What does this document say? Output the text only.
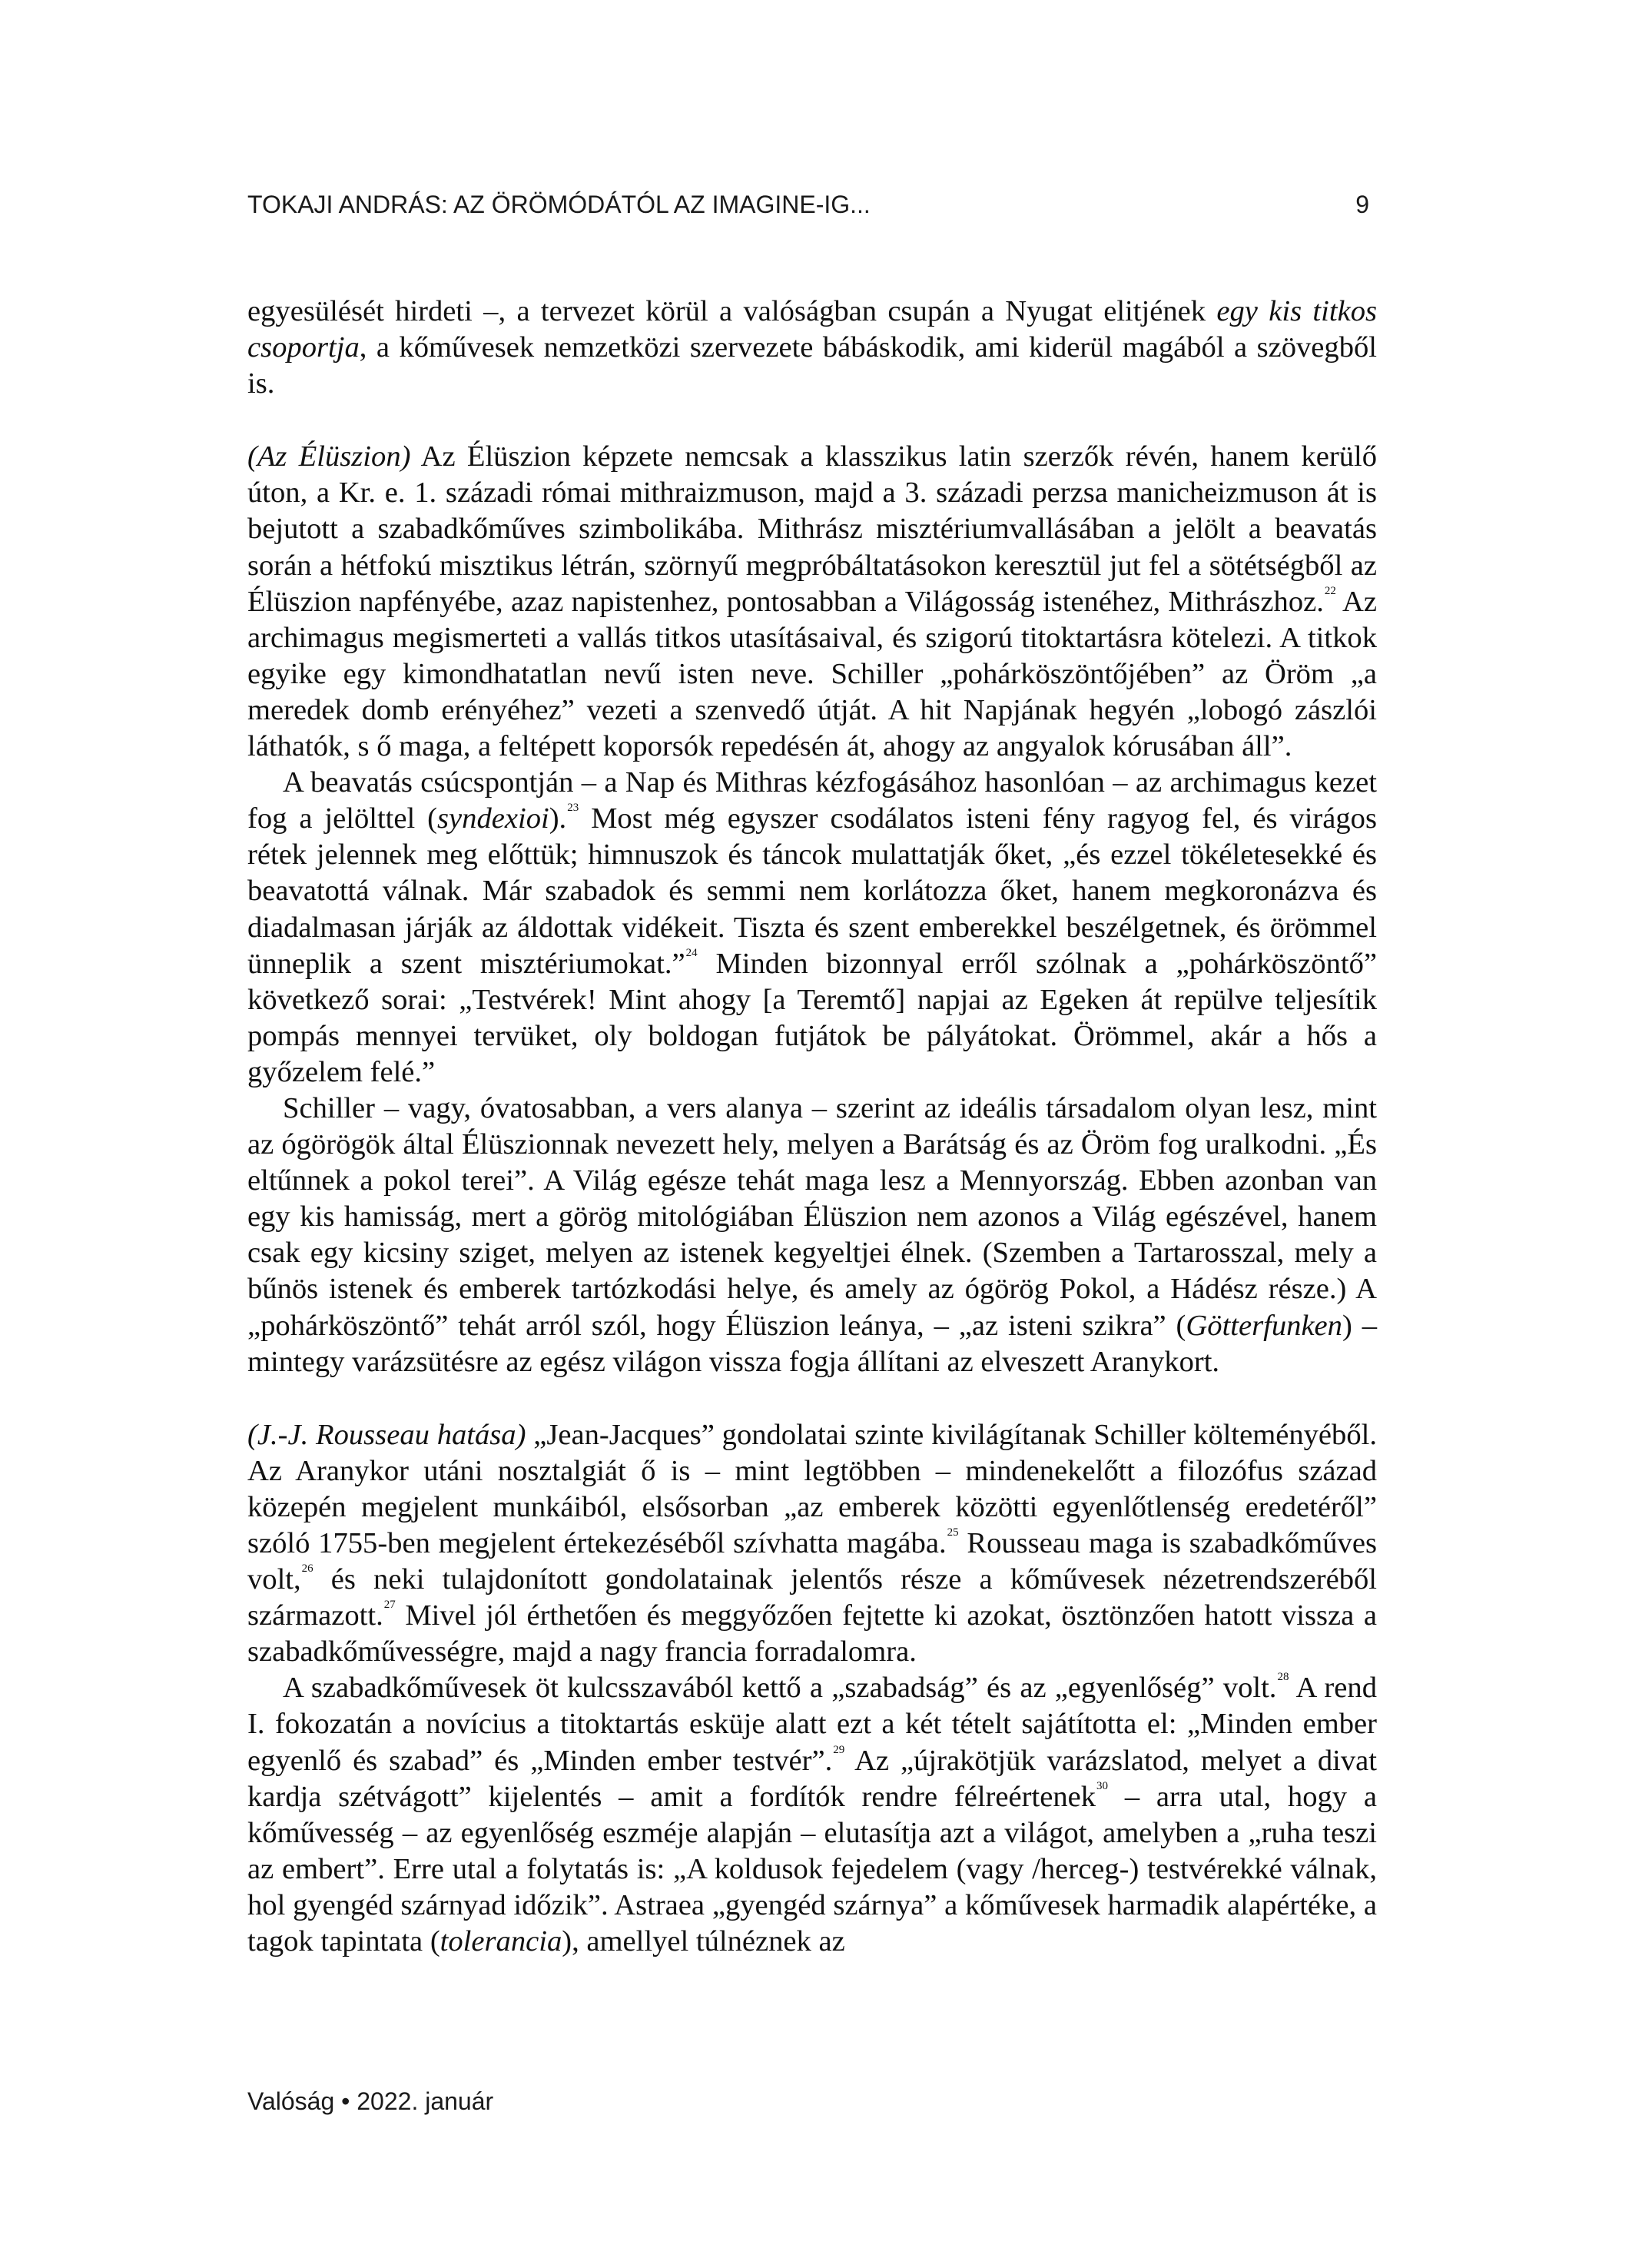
TOKAJI ANDRÁS: AZ ÖRÖMÓDÁTÓL AZ IMAGINE-IG...	9

egyesülését hirdeti –, a tervezet körül a valóságban csupán a Nyugat elitjének egy kis titkos csoportja, a kőművesek nemzetközi szervezete bábáskodik, ami kiderül magából a szövegből is.

(Az Élüszion) Az Élüszion képzete nemcsak a klasszikus latin szerzők révén, hanem kerülő úton, a Kr. e. 1. századi római mithraizmuson, majd a 3. századi perzsa manicheizmuson át is bejutott a szabadkőműves szimbolikába. Mithrász misztériumvallásában a jelölt a beavatás során a hétfokú misztikus létrán, szörnyű megpróbáltatásokon keresztül jut fel a sötétségből az Élüszion napfényébe, azaz napistenhez, pontosabban a Világosság istenéhez, Mithrászhoz.$^{22}$ Az archimagus megismerteti a vallás titkos utasításaival, és szigorú titoktartásra kötelezi. A titkok egyike egy kimondhatatlan nevű isten neve. Schiller „pohárköszöntőjében” az Öröm „a meredek domb erényéhez” vezeti a szenvedő útját. A hit Napjának hegyén „lobogó zászlói láthatók, s ő maga, a feltépett koporsók repedésén át, ahogy az angyalok kórusában áll”.

A beavatás csúcspontján – a Nap és Mithras kézfogásához hasonlóan – az archimagus kezet fog a jelölttel (syndexioi).$^{23}$ Most még egyszer csodálatos isteni fény ragyog fel, és virágos rétek jelennek meg előttük; himnuszok és táncok mulattatják őket, „és ezzel tökéletesekké és beavatottá válnak. Már szabadok és semmi nem korlátozza őket, hanem megkoronázva és diadalmasan járják az áldottak vidékeit. Tiszta és szent emberekkel beszélgetnek, és örömmel ünneplik a szent misztériumokat.”$^{24}$ Minden bizonnyal erről szólnak a „pohárköszöntő” következő sorai: „Testvérek! Mint ahogy [a Teremtő] napjai az Egeken át repülve teljesítik pompás mennyei tervüket, oly boldogan futjátok be pályátokat. Örömmel, akár a hős a győzelem felé.”

Schiller – vagy, óvatosabban, a vers alanya – szerint az ideális társadalom olyan lesz, mint az ógörögök által Élüszionnak nevezett hely, melyen a Barátság és az Öröm fog uralkodni. „És eltűnnek a pokol terei”. A Világ egésze tehát maga lesz a Mennyország. Ebben azonban van egy kis hamisság, mert a görög mitológiában Élüszion nem azonos a Világ egészével, hanem csak egy kicsiny sziget, melyen az istenek kegyeltjei élnek. (Szemben a Tartarosszal, mely a bűnös istenek és emberek tartózkodási helye, és amely az ógörög Pokol, a Hádész része.) A „pohárköszöntő” tehát arról szól, hogy Élüszion leánya, – „az isteni szikra” (Götterfunken) – mintegy varázsütésre az egész világon vissza fogja állítani az elveszett Aranykort.

(J.-J. Rousseau hatása) „Jean-Jacques” gondolatai szinte kivilágítanak Schiller költeményéből. Az Aranykor utáni nosztalgiát ő is – mint legtöbben – mindenekelőtt a filozófus század közepén megjelent munkáiból, elsősorban „az emberek közötti egyenlőtlenség eredetéről” szóló 1755-ben megjelent értekezéséből szívhatta magába.$^{25}$ Rousseau maga is szabadkőműves volt,$^{26}$ és neki tulajdonított gondolatainak jelentős része a kőművesek nézetrendszeréből származott.$^{27}$ Mivel jól érthetően és meggyőzően fejtette ki azokat, ösztönzően hatott vissza a szabadkőművességre, majd a nagy francia forradalomra.

A szabadkőművesek öt kulcsszavából kettő a „szabadság” és az „egyenlőség” volt.$^{28}$ A rend I. fokozatán a novícius a titoktartás esküje alatt ezt a két tételt sajátította el: „Minden ember egyenlő és szabad” és „Minden ember testvér”.$^{29}$ Az „újrakötjük varázslatod, melyet a divat kardja szétvágott” kijelentés – amit a fordítók rendre félreértenek$^{30}$ – arra utal, hogy a kőművesség – az egyenlőség eszméje alapján – elutasítja azt a világot, amelyben a „ruha teszi az embert”. Erre utal a folytatás is: „A koldusok fejedelem (vagy /herceg-) testvérekké válnak, hol gyengéd szárnyad időzik”. Astraea „gyengéd szárnya” a kőművesek harmadik alapértéke, a tagok tapintata (tolerancia), amellyel túlnéznek az

Valóság • 2022. január
